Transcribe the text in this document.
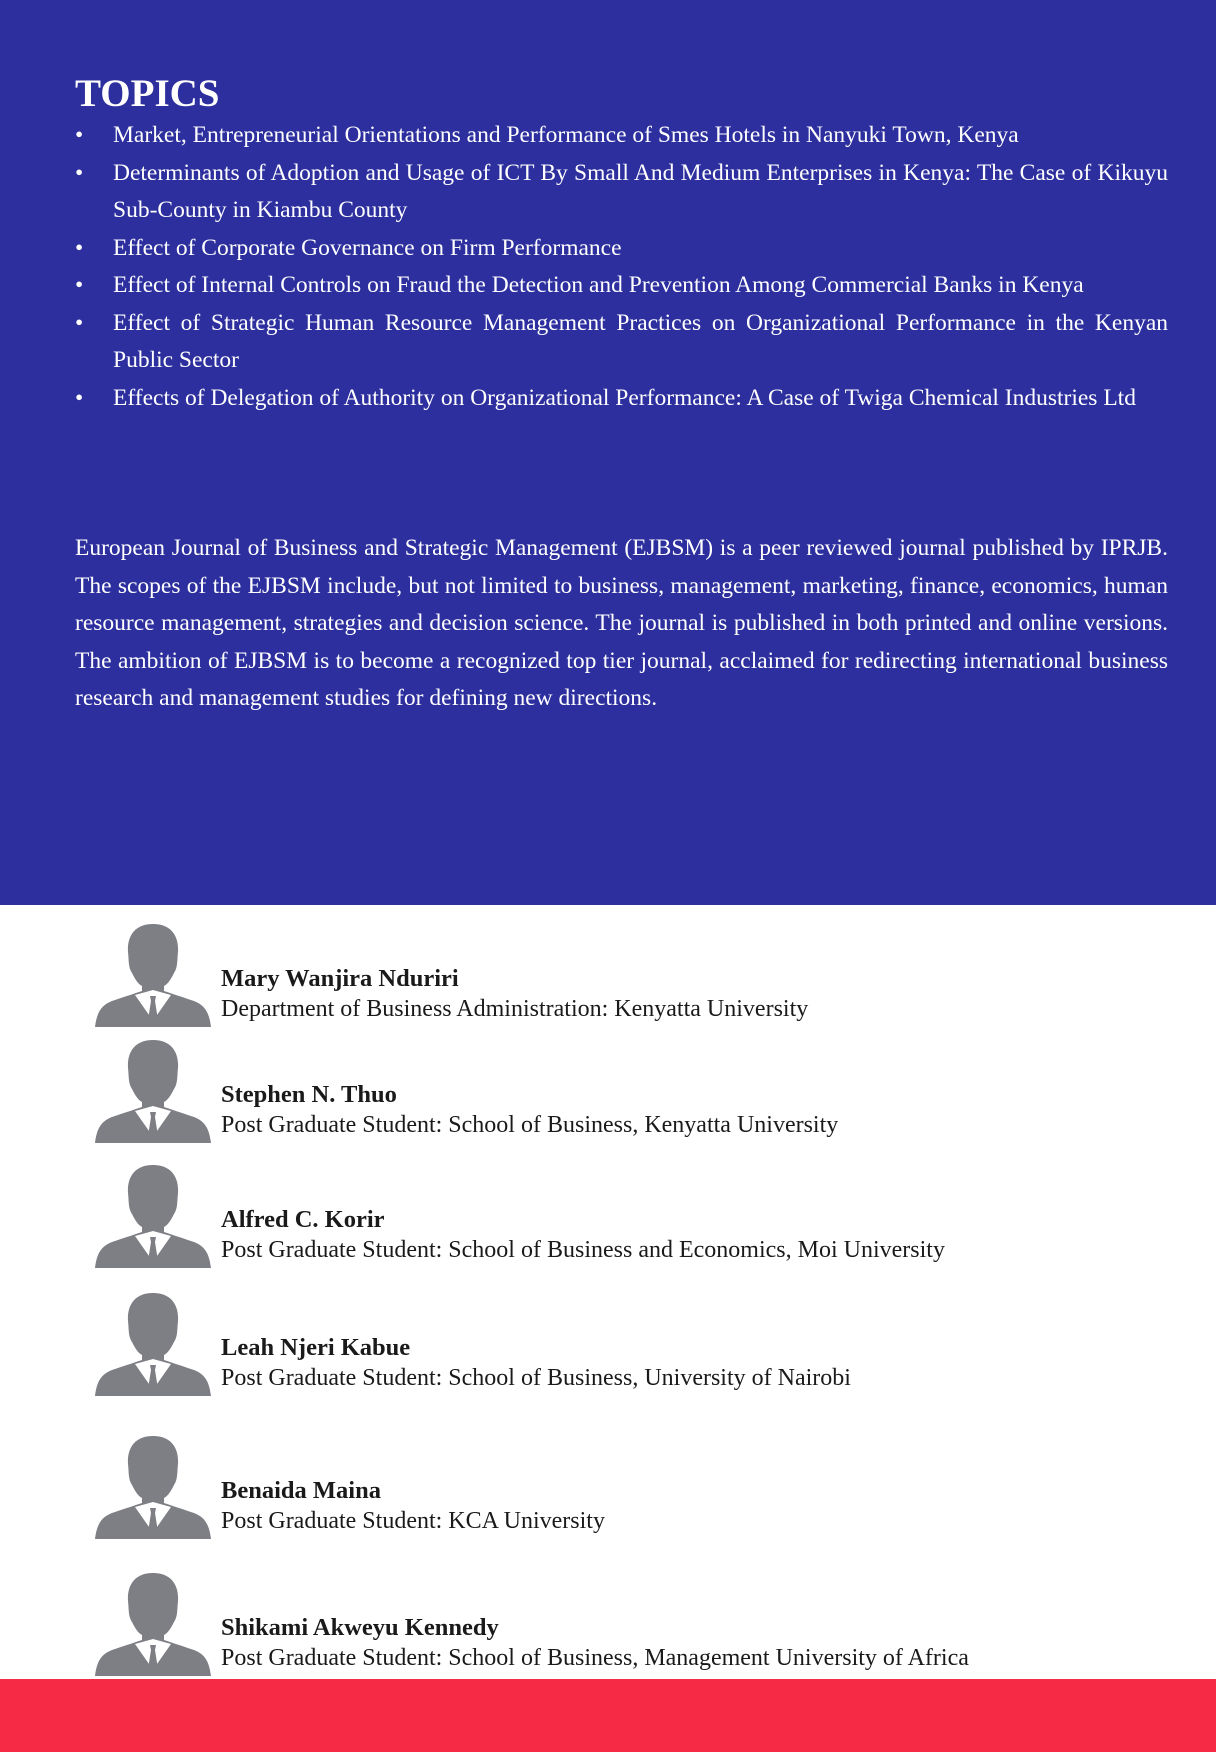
TOPICS
•	Market, Entrepreneurial Orientations and Performance of Smes Hotels in Nanyuki Town, Kenya
•	Determinants of Adoption and Usage of ICT By Small And Medium Enterprises in Kenya: The Case of Kikuyu Sub-County in Kiambu County
•	Effect of Corporate Governance on Firm Performance
•	Effect of Internal Controls on Fraud the Detection and Prevention Among Commercial Banks in Kenya
•	Effect of Strategic Human Resource Management Practices on Organizational Performance in the Kenyan Public Sector
•	Effects of Delegation of Authority on Organizational Performance: A Case of Twiga Chemical Industries Ltd

European Journal of Business and Strategic Management (EJBSM) is a peer reviewed journal published by IPRJB. The scopes of the EJBSM include, but not limited to business, management, marketing, finance, economics, human resource management, strategies and decision science. The journal is published in both printed and online versions. The ambition of EJBSM is to become a recognized top tier journal, acclaimed for redirecting international business research and management studies for defining new directions.

Mary Wanjira Nduriri
Department of Business Administration: Kenyatta University
Stephen N. Thuo
Post Graduate Student: School of Business, Kenyatta University
Alfred C. Korir
Post Graduate Student: School of Business and Economics, Moi University
Leah Njeri Kabue
Post Graduate Student: School of Business, University of Nairobi
Benaida Maina
Post Graduate Student: KCA University
Shikami Akweyu Kennedy
Post Graduate Student: School of Business, Management University of Africa
